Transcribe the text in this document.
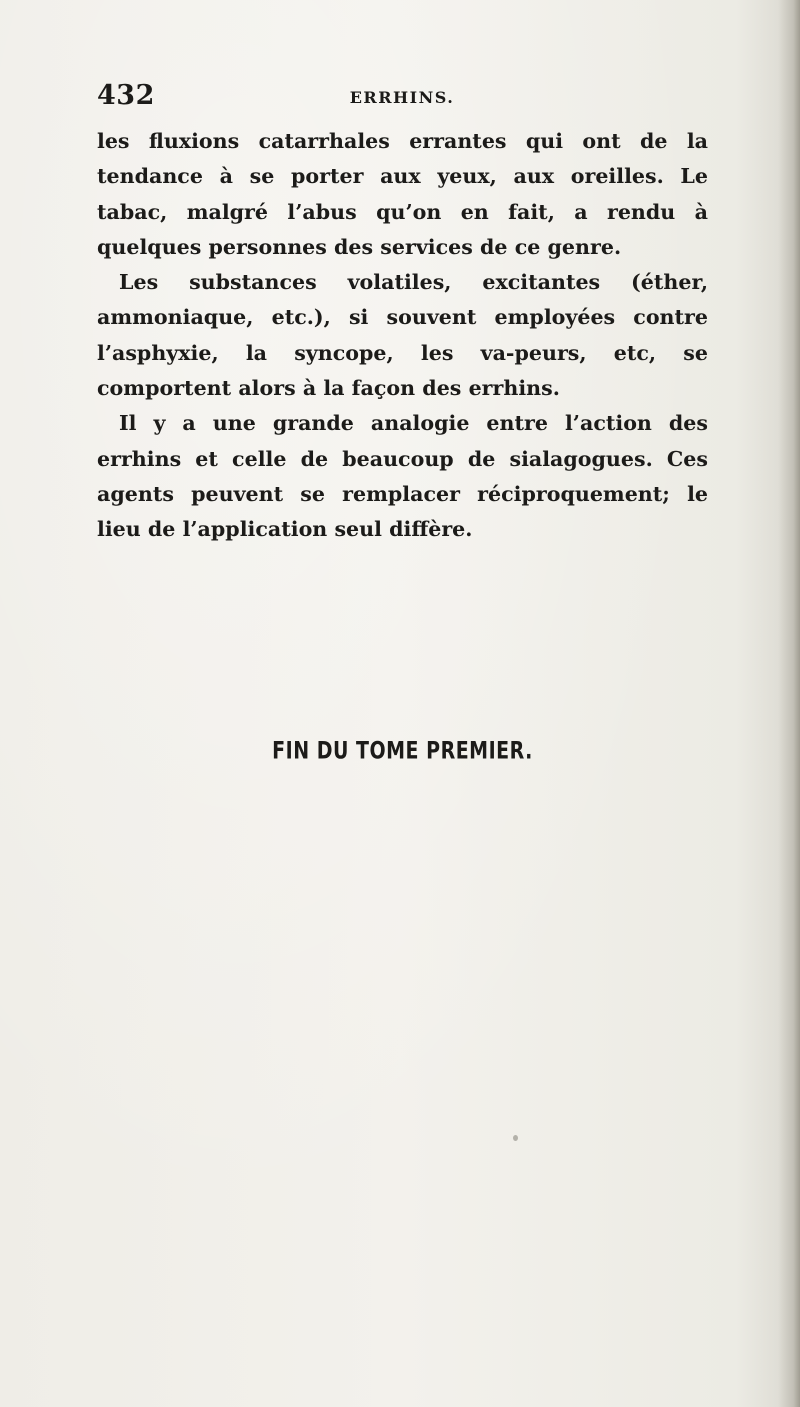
432	ERRHINS.

les fluxions catarrhales errantes qui ont de la tendance à se porter aux yeux, aux oreilles. Le tabac, malgré l’abus qu’on en fait, a rendu à quelques personnes des services de ce genre.

Les substances volatiles, excitantes (éther, ammoniaque, etc.), si souvent employées contre l’asphyxie, la syncope, les va-peurs, etc, se comportent alors à la façon des errhins.

Il y a une grande analogie entre l’action des errhins et celle de beaucoup de sialagogues. Ces agents peuvent se remplacer réciproquement; le lieu de l’application seul diffère.

FIN DU TOME PREMIER.
